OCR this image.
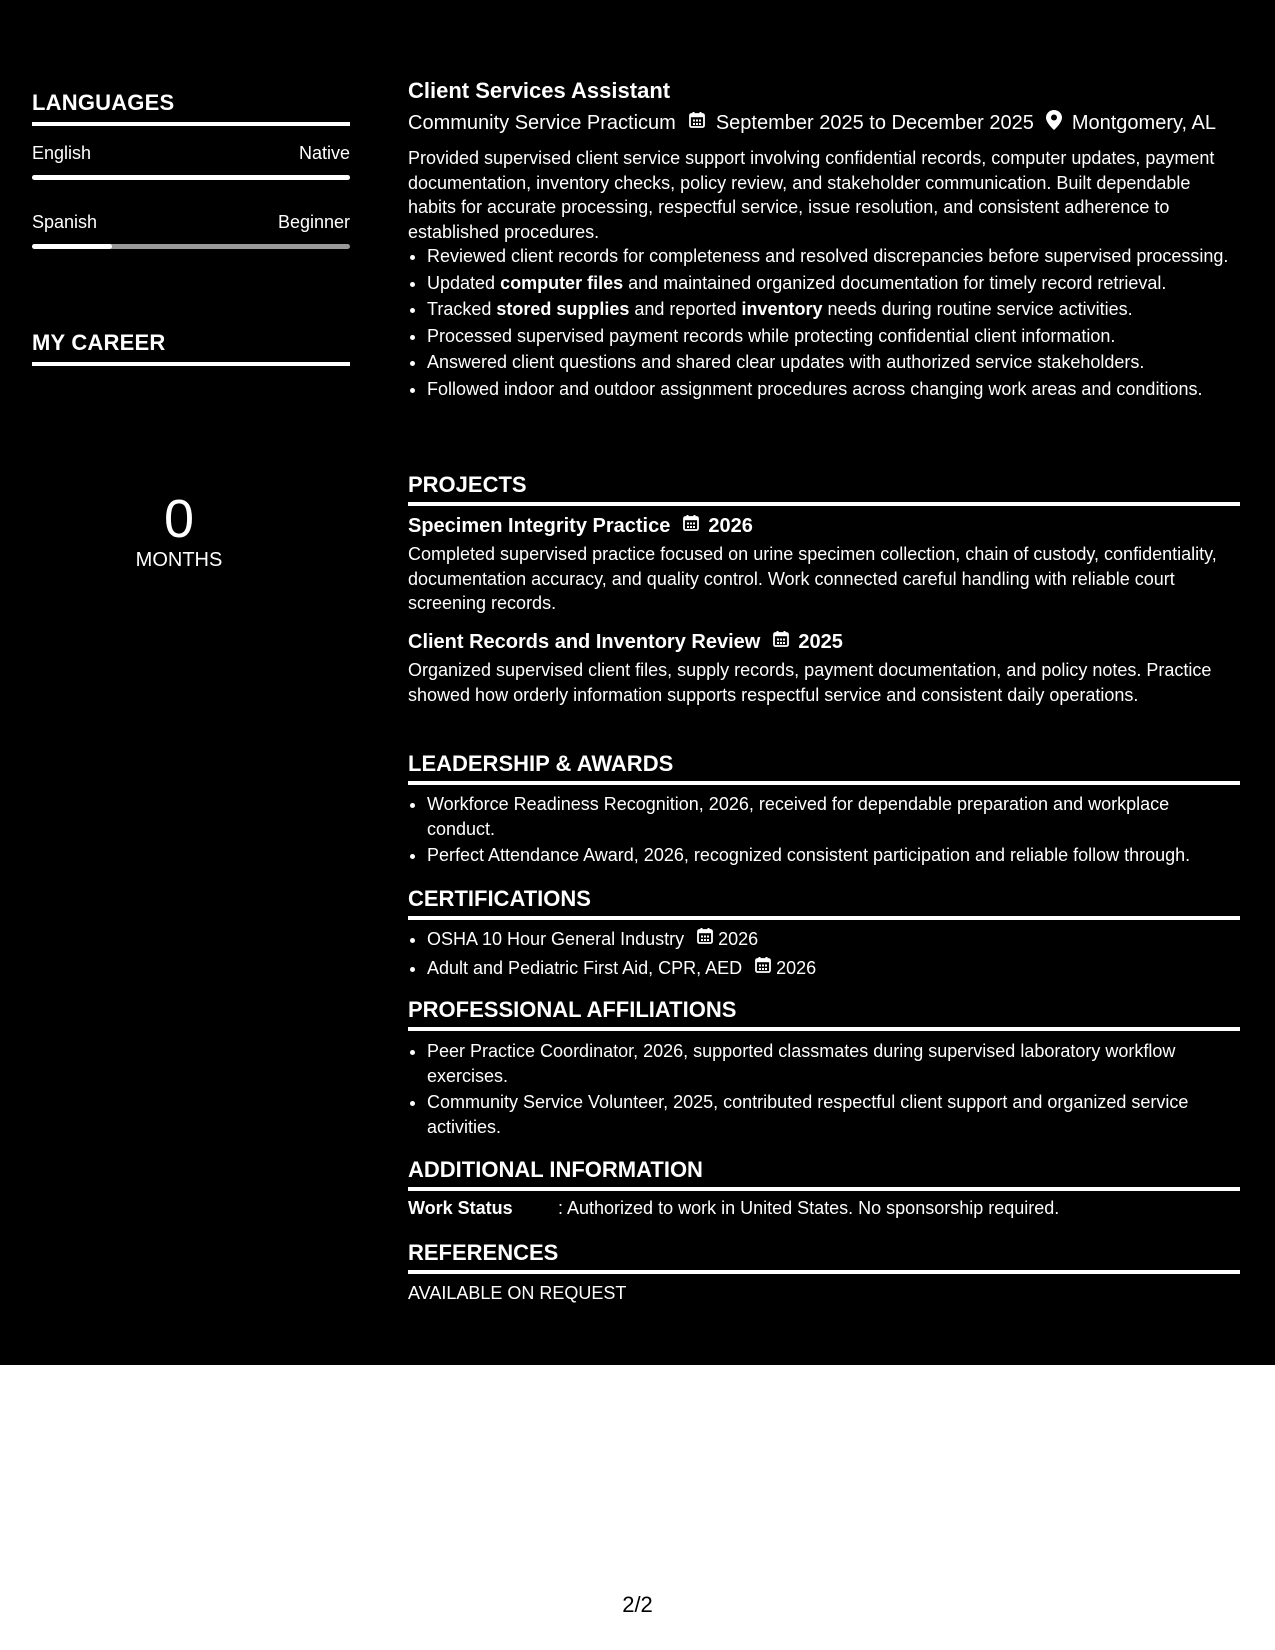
LANGUAGES
English	Native
Spanish	Beginner
MY CAREER
0
MONTHS
Client Services Assistant
Community Service Practicum September 2025 to December 2025 Montgomery, AL

Provided supervised client service support involving confidential records, computer updates, payment documentation, inventory checks, policy review, and stakeholder communication. Built dependable habits for accurate processing, respectful service, issue resolution, and consistent adherence to established procedures.

• Reviewed client records for completeness and resolved discrepancies before supervised processing.
• Updated computer files and maintained organized documentation for timely record retrieval.
• Tracked stored supplies and reported inventory needs during routine service activities.
• Processed supervised payment records while protecting confidential client information.
• Answered client questions and shared clear updates with authorized service stakeholders.
• Followed indoor and outdoor assignment procedures across changing work areas and conditions.
PROJECTS
Specimen Integrity Practice 2026

Completed supervised practice focused on urine specimen collection, chain of custody, confidentiality, documentation accuracy, and quality control. Work connected careful handling with reliable court screening records.

Client Records and Inventory Review 2025

Organized supervised client files, supply records, payment documentation, and policy notes. Practice showed how orderly information supports respectful service and consistent daily operations.

LEADERSHIP & AWARDS
• Workforce Readiness Recognition, 2026, received for dependable preparation and workplace conduct.
• Perfect Attendance Award, 2026, recognized consistent participation and reliable follow through.
CERTIFICATIONS
• OSHA 10 Hour General Industry 2026
• Adult and Pediatric First Aid, CPR, AED 2026
PROFESSIONAL AFFILIATIONS
• Peer Practice Coordinator, 2026, supported classmates during supervised laboratory workflow exercises.
• Community Service Volunteer, 2025, contributed respectful client support and organized service activities.
ADDITIONAL INFORMATION
Work Status	: Authorized to work in United States. No sponsorship required.
REFERENCES
AVAILABLE ON REQUEST
2/2
